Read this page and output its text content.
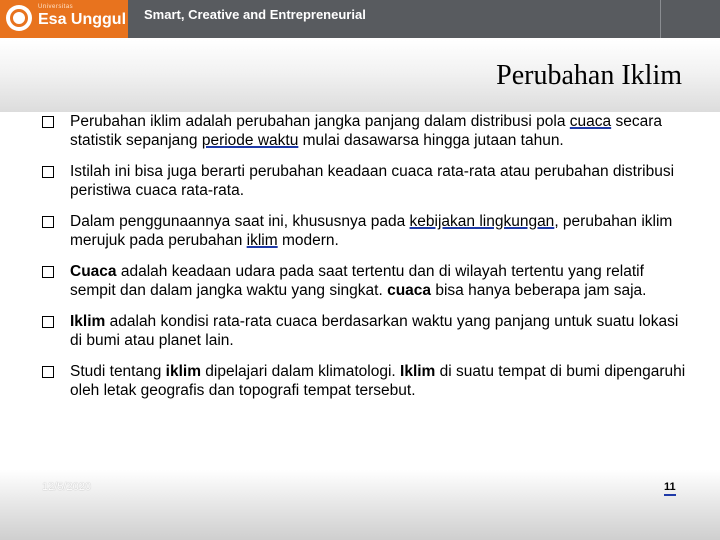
Universitas
Esa Unggul Smart, Creative and Entrepreneurial
Perubahan Iklim
Perubahan iklim adalah perubahan jangka panjang dalam distribusi pola cuaca secara statistik sepanjang periode waktu mulai dasawarsa hingga jutaan tahun.
Istilah ini bisa juga berarti perubahan keadaan cuaca rata-rata atau perubahan distribusi peristiwa cuaca rata-rata.
Dalam penggunaannya saat ini, khususnya pada kebijakan lingkungan, perubahan iklim merujuk pada perubahan iklim modern.
Cuaca adalah keadaan udara pada saat tertentu dan di wilayah tertentu yang relatif sempit dan dalam jangka waktu yang singkat. cuaca bisa hanya beberapa jam saja.
Iklim adalah kondisi rata-rata cuaca berdasarkan waktu yang panjang untuk suatu lokasi di bumi atau planet lain.
Studi tentang iklim dipelajari dalam klimatologi. Iklim di suatu tempat di bumi dipengaruhi oleh letak geografis dan topografi tempat tersebut.
12/5/2020	11
